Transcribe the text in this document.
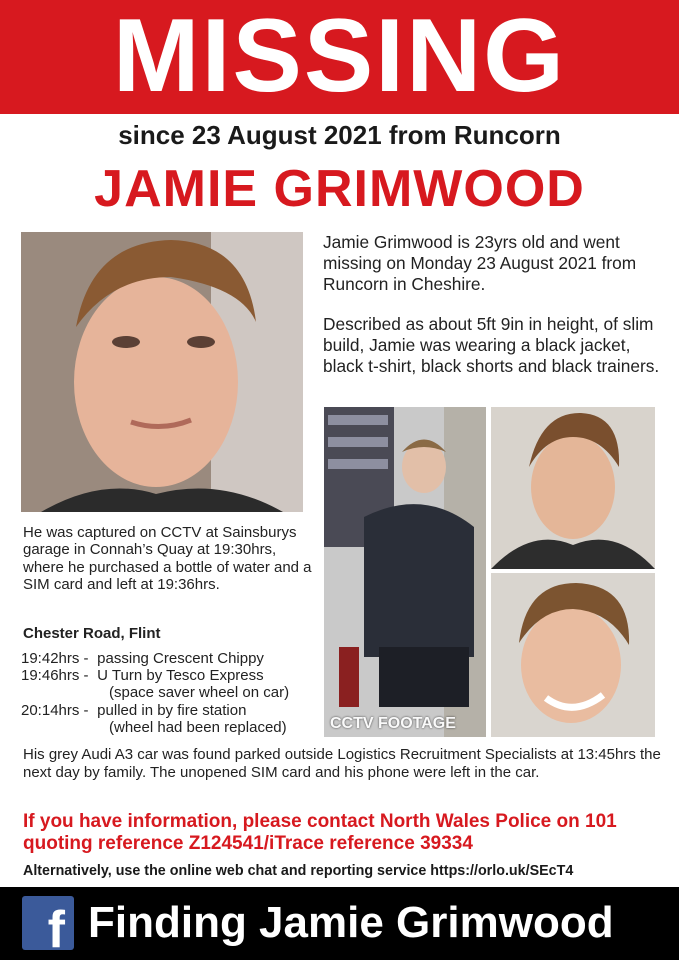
MISSING
since 23 August 2021 from Runcorn
JAMIE GRIMWOOD

Jamie Grimwood is 23yrs old and went missing on Monday 23 August 2021 from Runcorn in Cheshire.

Described as about 5ft 9in in height, of slim build, Jamie was wearing a black jacket, black t-shirt, black shorts and black trainers.

CCTV FOOTAGE
He was captured on CCTV at Sainsburys garage in Connah’s Quay at 19:30hrs, where he purchased a bottle of water and a SIM card and left at 19:36hrs.
Chester Road, Flint
19:42hrs - passing Crescent Chippy
19:46hrs - U Turn by Tesco Express
(space saver wheel on car)
20:14hrs - pulled in by fire station
(wheel had been replaced)
His grey Audi A3 car was found parked outside Logistics Recruitment Specialists at 13:45hrs the next day by family. The unopened SIM card and his phone were left in the car.
If you have information, please contact North Wales Police on 101 quoting reference Z124541/iTrace reference 39334
Alternatively, use the online web chat and reporting service https://orlo.uk/SEcT4
f Finding Jamie Grimwood
